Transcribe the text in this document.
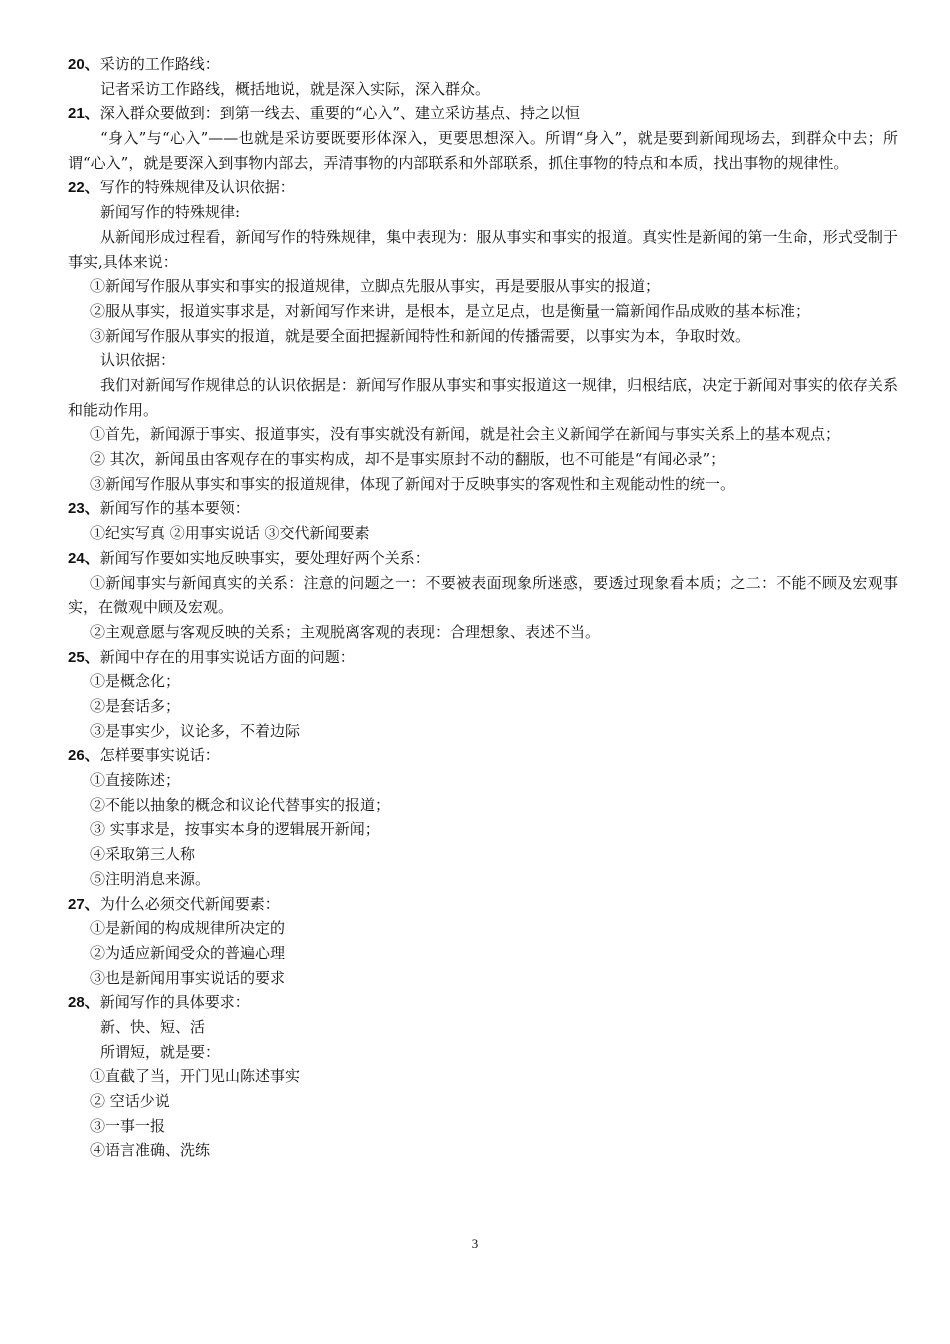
20、采访的工作路线：
记者采访工作路线，概括地说，就是深入实际，深入群众。
21、深入群众要做到：到第一线去、重要的“心入”、建立采访基点、持之以恒
“身入”与“心入”——也就是采访要既要形体深入，更要思想深入。所谓“身入”，就是要到新闻现场去，到群众中去；所谓“心入”，就是要深入到事物内部去，弄清事物的内部联系和外部联系，抓住事物的特点和本质，找出事物的规律性。
22、写作的特殊规律及认识依据：
新闻写作的特殊规律:
从新闻形成过程看，新闻写作的特殊规律，集中表现为：服从事实和事实的报道。真实性是新闻的第一生命，形式受制于事实,具体来说：
①新闻写作服从事实和事实的报道规律，立脚点先服从事实，再是要服从事实的报道；
②服从事实，报道实事求是，对新闻写作来讲，是根本，是立足点，也是衡量一篇新闻作品成败的基本标准；
③新闻写作服从事实的报道，就是要全面把握新闻特性和新闻的传播需要，以事实为本，争取时效。
认识依据：
我们对新闻写作规律总的认识依据是：新闻写作服从事实和事实报道这一规律，归根结底，决定于新闻对事实的依存关系和能动作用。
①首先，新闻源于事实、报道事实，没有事实就没有新闻，就是社会主义新闻学在新闻与事实关系上的基本观点；
② 其次，新闻虽由客观存在的事实构成，却不是事实原封不动的翻版，也不可能是“有闻必录”；
③新闻写作服从事实和事实的报道规律，体现了新闻对于反映事实的客观性和主观能动性的统一。
23、新闻写作的基本要领：
①纪实写真 ②用事实说话 ③交代新闻要素
24、新闻写作要如实地反映事实，要处理好两个关系：
①新闻事实与新闻真实的关系：注意的问题之一：不要被表面现象所迷惑，要透过现象看本质；之二：不能不顾及宏观事实，在微观中顾及宏观。
②主观意愿与客观反映的关系；主观脱离客观的表现：合理想象、表述不当。
25、新闻中存在的用事实说话方面的问题：
①是概念化；
②是套话多；
③是事实少，议论多，不着边际
26、怎样要事实说话：
①直接陈述；
②不能以抽象的概念和议论代替事实的报道；
③ 实事求是，按事实本身的逻辑展开新闻；
④采取第三人称
⑤注明消息来源。
27、为什么必须交代新闻要素：
①是新闻的构成规律所决定的
②为适应新闻受众的普遍心理
③也是新闻用事实说话的要求
28、新闻写作的具体要求：
新、快、短、活
所谓短，就是要：
①直截了当，开门见山陈述事实
② 空话少说
③一事一报
④语言准确、洗练
3
